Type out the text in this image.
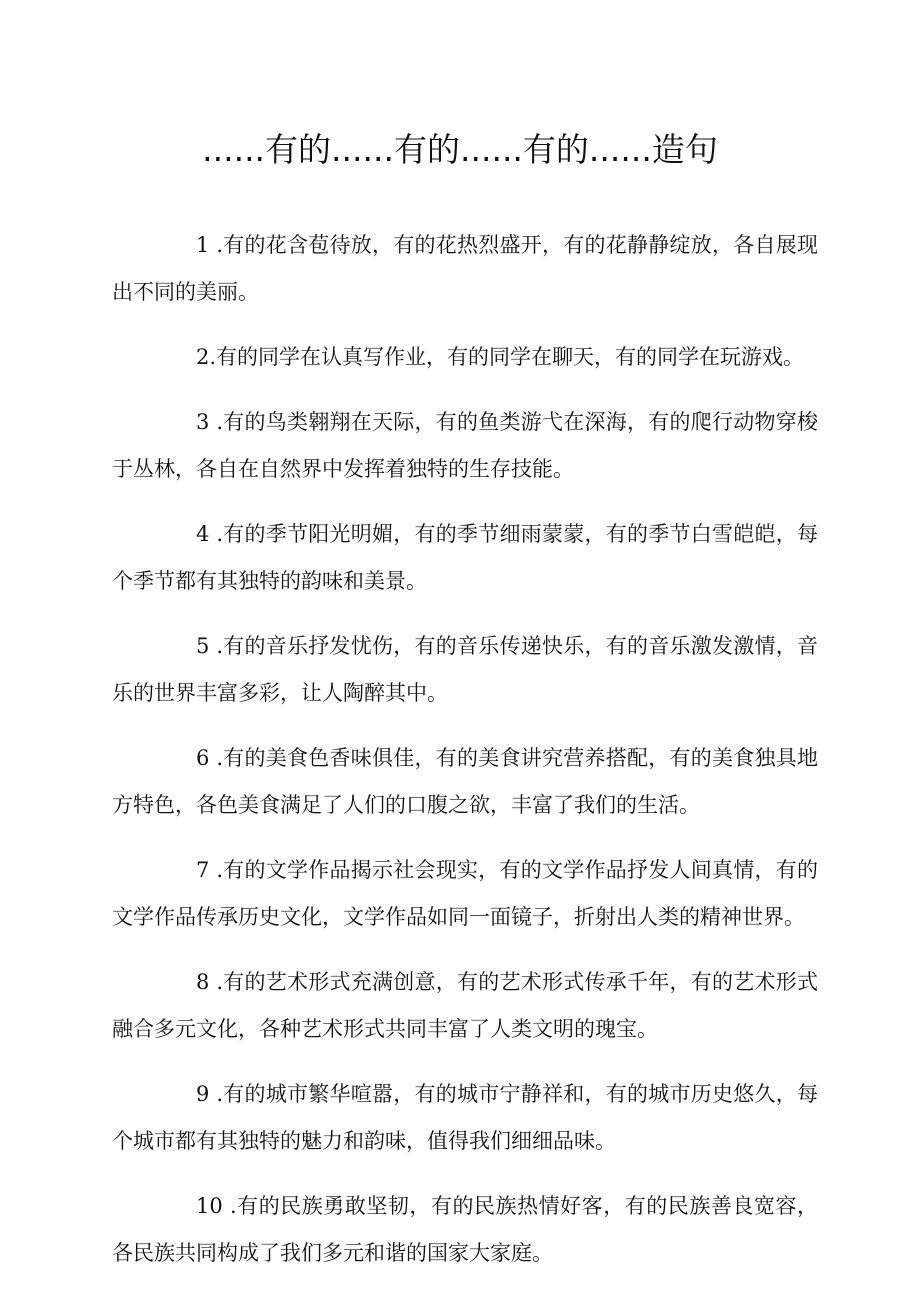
......有的......有的......有的......造句

1 .有的花含苞待放，有的花热烈盛开，有的花静静绽放，各自展现出不同的美丽。

2.有的同学在认真写作业，有的同学在聊天，有的同学在玩游戏。

3 .有的鸟类翱翔在天际，有的鱼类游弋在深海，有的爬行动物穿梭于丛林，各自在自然界中发挥着独特的生存技能。

4 .有的季节阳光明媚，有的季节细雨蒙蒙，有的季节白雪皑皑，每个季节都有其独特的韵味和美景。

5 .有的音乐抒发忧伤，有的音乐传递快乐，有的音乐激发激情，音乐的世界丰富多彩，让人陶醉其中。

6 .有的美食色香味俱佳，有的美食讲究营养搭配，有的美食独具地方特色，各色美食满足了人们的口腹之欲，丰富了我们的生活。

7 .有的文学作品揭示社会现实，有的文学作品抒发人间真情，有的文学作品传承历史文化，文学作品如同一面镜子，折射出人类的精神世界。

8 .有的艺术形式充满创意，有的艺术形式传承千年，有的艺术形式融合多元文化，各种艺术形式共同丰富了人类文明的瑰宝。

9 .有的城市繁华喧嚣，有的城市宁静祥和，有的城市历史悠久，每个城市都有其独特的魅力和韵味，值得我们细细品味。

10 .有的民族勇敢坚韧，有的民族热情好客，有的民族善良宽容，各民族共同构成了我们多元和谐的国家大家庭。
